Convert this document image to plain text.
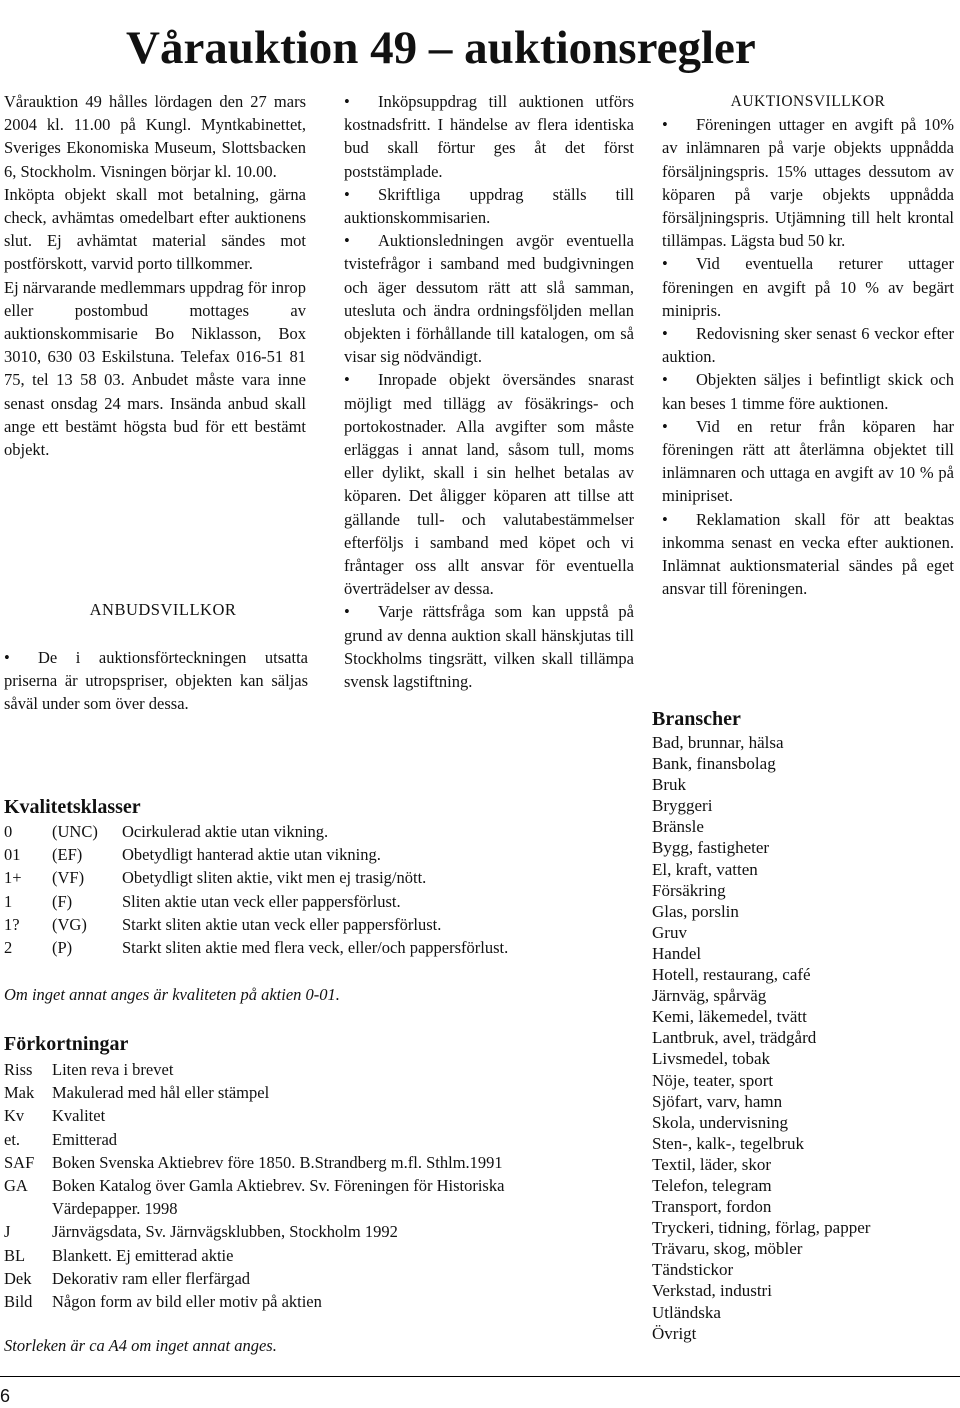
Vårauktion 49 – auktionsregler

Vårauktion 49 hålles lördagen den 27 mars 2004 kl. 11.00 på Kungl. Myntkabinettet, Sveriges Ekonomiska Museum, Slottsbacken 6, Stockholm. Visningen börjar kl. 10.00.

Inköpta objekt skall mot betalning, gärna check, avhämtas omedelbart efter auktionens slut. Ej avhämtat material sändes mot postförskott, varvid porto tillkommer.

Ej närvarande medlemmars uppdrag för inrop eller postombud mottages av auktionskommisarie Bo Niklasson, Box 3010, 630 03 Eskilstuna. Telefax 016-51 81 75, tel 13 58 03. Anbudet måste vara inne senast onsdag 24 mars. Insända anbud skall ange ett bestämt högsta bud för ett bestämt objekt.

ANBUDSVILLKOR

• De i auktionsförteckningen utsatta priserna är utropspriser, objekten kan säljas såväl under som över dessa.

• Inköpsuppdrag till auktionen utförs kostnadsfritt. I händelse av flera identiska bud skall förtur ges åt det först poststämplade.

• Skriftliga uppdrag ställs till auktionskommisarien.

• Auktionsledningen avgör eventuella tvistefrågor i samband med budgivningen och äger dessutom rätt att slå samman, utesluta och ändra ordningsföljden mellan objekten i förhållande till katalogen, om så visar sig nödvändigt.

• Inropade objekt översändes snarast möjligt med tillägg av fösäkrings- och portokostnader. Alla avgifter som måste erläggas i annat land, såsom tull, moms eller dylikt, skall i sin helhet betalas av köparen. Det åligger köparen att tillse att gällande tull- och valutabestämmelser efterföljs i samband med köpet och vi fråntager oss allt ansvar för eventuella överträdelser av dessa.

• Varje rättsfråga som kan uppstå på grund av denna auktion skall hänskjutas till Stockholms tingsrätt, vilken skall tillämpa svensk lagstiftning.

AUKTIONSVILLKOR

• Föreningen uttager en avgift på 10% av inlämnaren på varje objekts uppnådda försäljningspris. 15% uttages dessutom av köparen på varje objekts uppnådda försäljningspris. Utjämning till helt krontal tillämpas. Lägsta bud 50 kr.

• Vid eventuella returer uttager föreningen en avgift på 10 % av begärt minipris.

• Redovisning sker senast 6 veckor efter auktion.

• Objekten säljes i befintligt skick och kan beses 1 timme före auktionen.

• Vid en retur från köparen har föreningen rätt att återlämna objektet till inlämnaren och uttaga en avgift av 10 % på minipriset.

• Reklamation skall för att beaktas inkomma senast en vecka efter auktionen. Inlämnat auktionsmaterial sändes på eget ansvar till föreningen.

Kvalitetsklasser
0 (UNC) Ocirkulerad aktie utan vikning.
01 (EF) Obetydligt hanterad aktie utan vikning.
1+ (VF) Obetydligt sliten aktie, vikt men ej trasig/nött.
1 (F)	Sliten aktie utan veck eller pappersförlust.
1? (VG) Starkt sliten aktie utan veck eller pappersförlust.
2 (P)	Starkt sliten aktie med flera veck, eller/och pappersförlust.
Om inget annat anges är kvaliteten på aktien 0-01.
Förkortningar
Riss	Liten reva i brevet
Mak	Makulerad med hål eller stämpel
Kv	Kvalitet
et.	Emitterad
SAF	Boken Svenska Aktiebrev före 1850. B.Strandberg m.fl. Sthlm.1991
GA	Boken Katalog över Gamla Aktiebrev. Sv. Föreningen för Historiska Värdepapper. 1998
J	Järnvägsdata, Sv. Järnvägsklubben, Stockholm 1992
BL	Blankett. Ej emitterad aktie
Dek	Dekorativ ram eller flerfärgad
Bild	Någon form av bild eller motiv på aktien
Storleken är ca A4 om inget annat anges.
Branscher
Bad, brunnar, hälsa
Bank, finansbolag
Bruk
Bryggeri
Bränsle
Bygg, fastigheter
El, kraft, vatten
Försäkring
Glas, porslin
Gruv
Handel
Hotell, restaurang, café
Järnväg, spårväg
Kemi, läkemedel, tvätt
Lantbruk, avel, trädgård
Livsmedel, tobak
Nöje, teater, sport
Sjöfart, varv, hamn
Skola, undervisning
Sten-, kalk-, tegelbruk
Textil, läder, skor
Telefon, telegram
Transport, fordon
Tryckeri, tidning, förlag, papper
Trävaru, skog, möbler
Tändstickor
Verkstad, industri
Utländska
Övrigt
6
